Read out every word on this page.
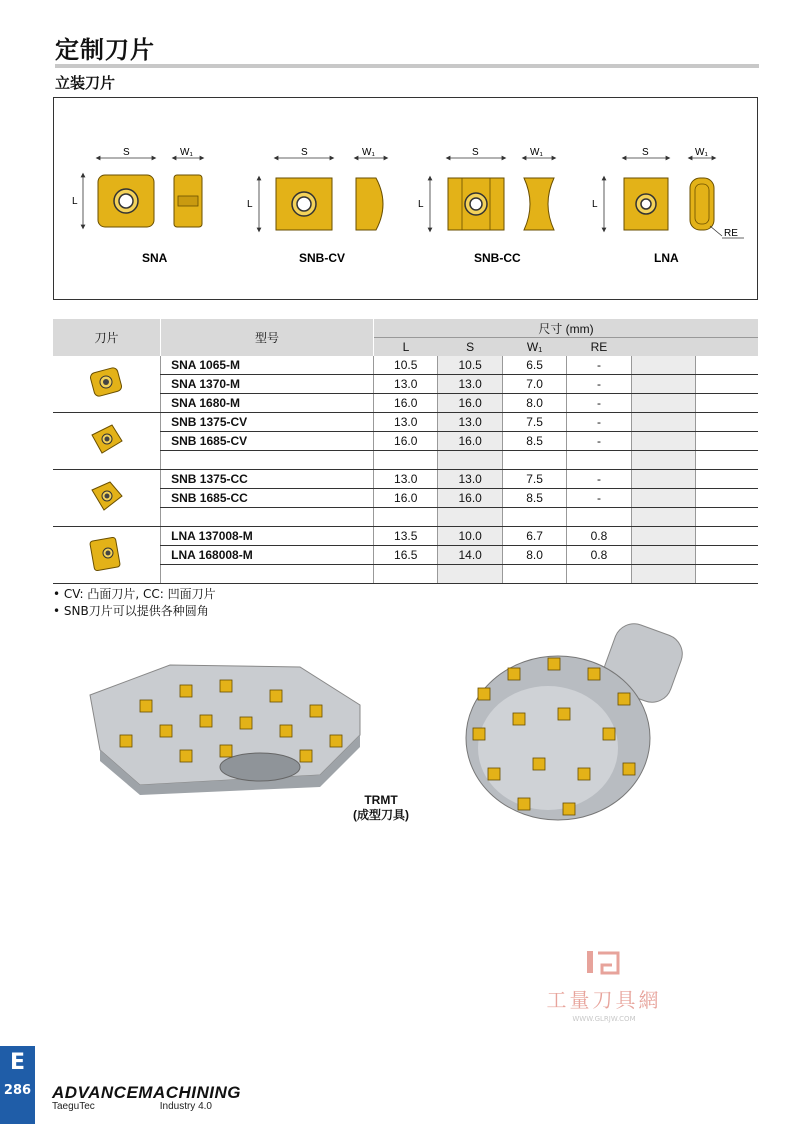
定制刀片
立装刀片
S
L
W₁
SNA
S
L
W₁
SNB-CV
S
L
W₁
SNB-CC
S
L
W₁
RE
LNA
刀片	型号	尺寸 (mm)					
		L	S	W₁	RE		
	SNA 1065-M	10.5	10.5	6.5	-		
	SNA 1370-M	13.0	13.0	7.0	-		
	SNA 1680-M	16.0	16.0	8.0	-		
	SNB 1375-CV	13.0	13.0	7.5	-		
	SNB 1685-CV	16.0	16.0	8.5	-		

	SNB 1375-CC	13.0	13.0	7.5	-		
	SNB 1685-CC	16.0	16.0	8.5	-		

	LNA 137008-M	13.5	10.0	6.7	0.8		
	LNA 168008-M	16.5	14.0	8.0	0.8		

• CV: 凸面刀片, CC: 凹面刀片
• SNB刀片可以提供各种圆角
TRMT
(成型刀具)
工量刀具網
WWW.GLRJW.COM
E
286 ADVANCEMACHINING
TaeguTec	Industry 4.0
